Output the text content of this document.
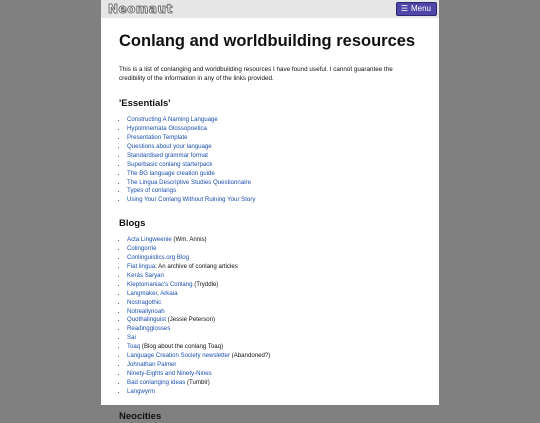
Neomaut	☰ Menu
Conlang and worldbuilding resources

This is a list of conlanging and worldbuilding resources I have found useful. I cannot guarantee the credibility of the information in any of the links provided.

'Essentials'
• Constructing A Naming Language
• Hypomnemata Glossopoetica
• Presentation Template
• Questions about your language
• Standardised grammar format
• Superbasic conlang starterpack
• The BG language creation guide
• The Lingua Descriptive Studies Questionnaire
• Types of conlangs
• Using Your Conlang Without Ruining Your Story
Blogs
• Acta Lingweenie (Wm. Annis)
• Colingorrie
• Conlinguistics.org Blog
• Fiat lingua: An archive of conlang articles
• Kerás Saryan
• Kleptomaniac's Conlang (Tryddle)
• Langmaker, Arkaia
• Nostragothic
• Notreallynoah
• Quothalinguist (Jessie Peterson)
• Readingglosses
• Sai
• Toaq (Blog about the conlang Toaq)
• Language Creation Society newsletter (Abandoned?)
• Johnathan Palmer
• Ninety-Eights and Ninety-Nines
• Bad conlanging ideas (Tumblr)
• Langwyrm
Neocities
